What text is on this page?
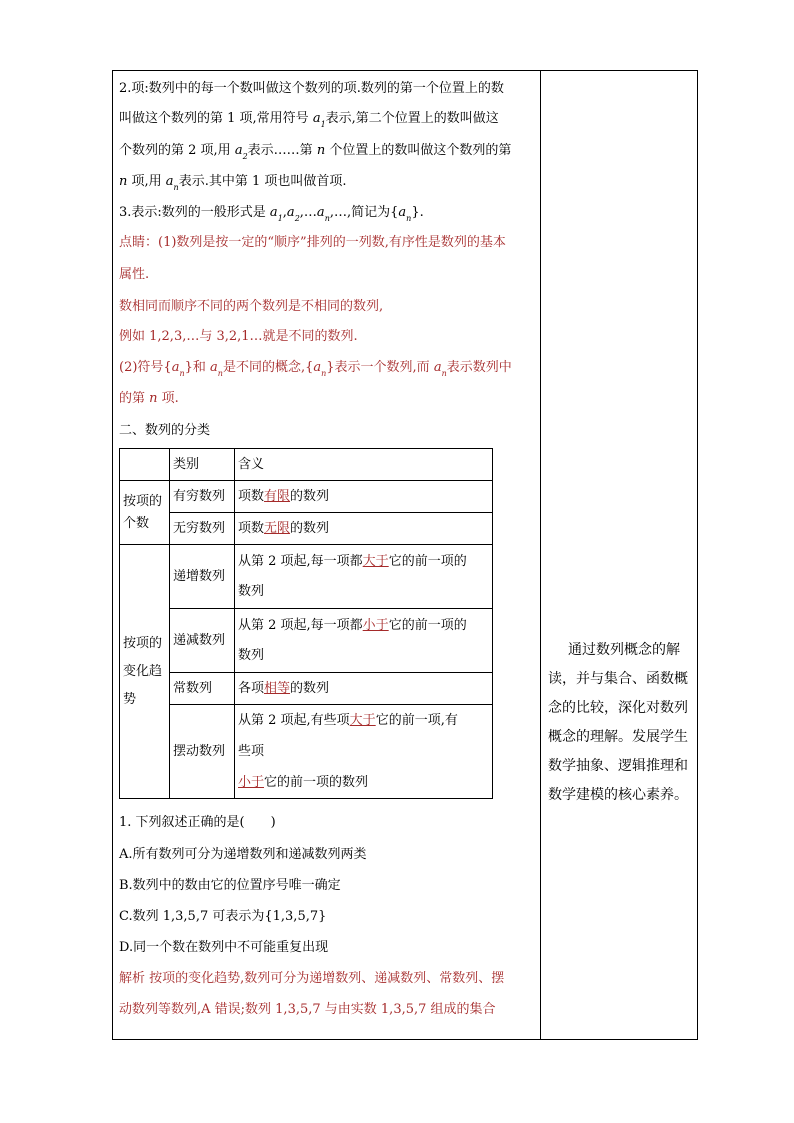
2.项:数列中的每一个数叫做这个数列的项.数列的第一个位置上的数
叫做这个数列的第 1 项,常用符号 $a_1$表示,第二个位置上的数叫做这
个数列的第 2 项,用 $a_2$表示……第 n 个位置上的数叫做这个数列的第
n 项,用 $a_n$表示.其中第 1 项也叫做首项.
3.表示:数列的一般形式是 $a_1,a_2,\dots a_n,\dots$,简记为$\{a_n\}$.
点睛：(1)数列是按一定的“顺序”排列的一列数,有序性是数列的基本
属性.
数相同而顺序不同的两个数列是不相同的数列,
例如 1,2,3,…与 3,2,1…就是不同的数列.
(2)符号$\{a_n\}$和 $a_n$是不同的概念$,\{a_n\}$表示一个数列,而 $a_n$表示数列中
的第 n 项.
二、数列的分类
	类别	含义
按项的个数	有穷数列	项数有限的数列
	无穷数列	项数无限的数列
按项的变化趋势	递增数列	从第 2 项起,每一项都大于它的前一项的
数列
	递减数列	从第 2 项起,每一项都小于它的前一项的
数列
	常数列	各项相等的数列
	摆动数列	从第 2 项起,有些项大于它的前一项,有
些项
小于它的前一项的数列
1. 下列叙述正确的是(　　)
A.所有数列可分为递增数列和递减数列两类
B.数列中的数由它的位置序号唯一确定
C.数列 1,3,5,7 可表示为{1,3,5,7}
D.同一个数在数列中不可能重复出现
解析 按项的变化趋势,数列可分为递增数列、递减数列、常数列、摆
动数列等数列,A 错误;数列 1,3,5,7 与由实数 1,3,5,7 组成的集合
通过数列概念的解
读，并与集合、函数概
念的比较，深化对数列
概念的理解。发展学生
数学抽象、逻辑推理和
数学建模的核心素养。
